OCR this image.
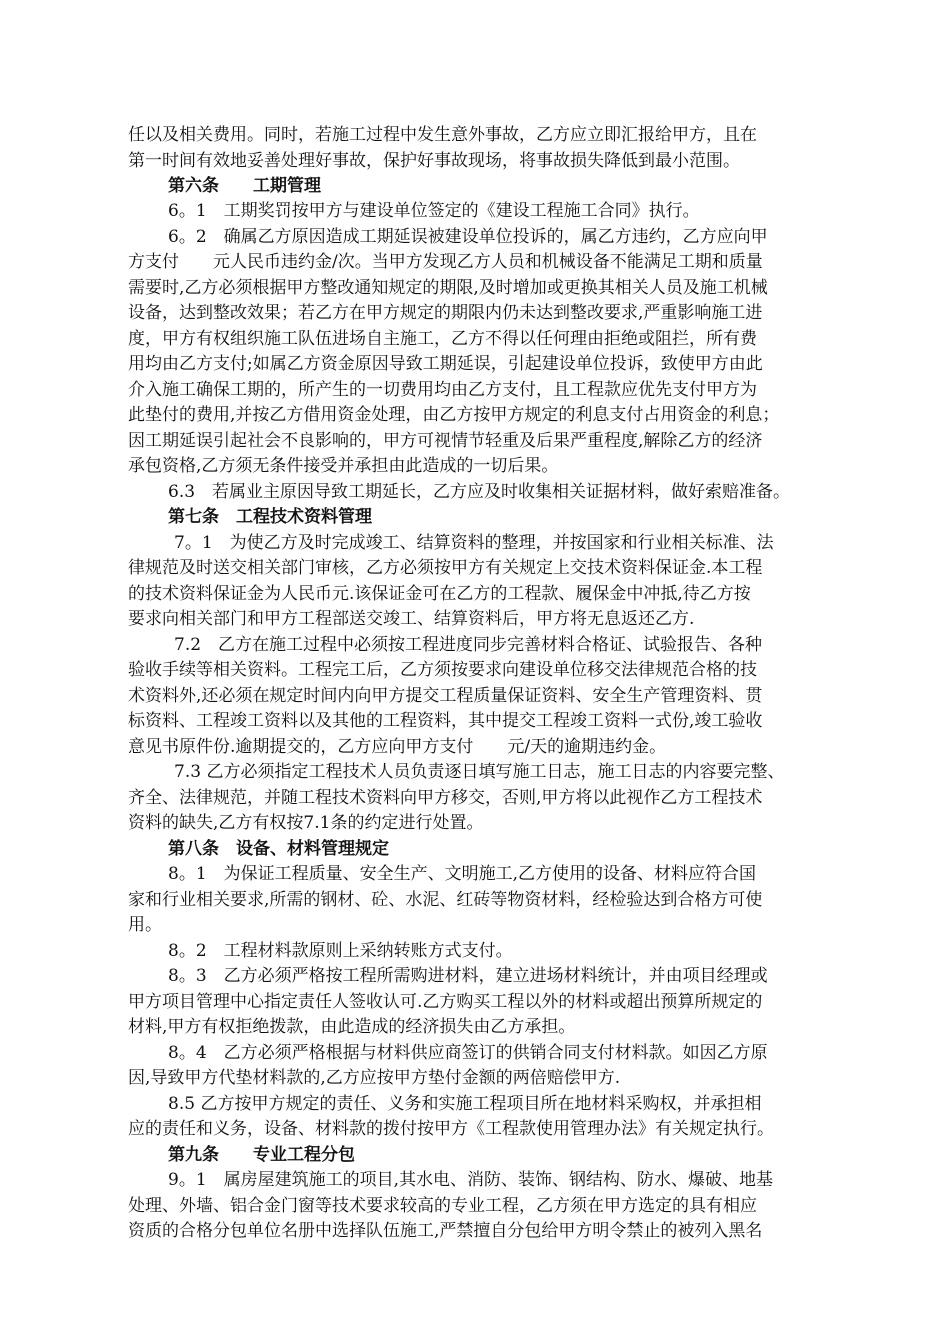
任以及相关费用。同时，若施工过程中发生意外事故，乙方应立即汇报给甲方，且在
第一时间有效地妥善处理好事故，保护好事故现场，将事故损失降低到最小范围。
第六条　　工期管理
6。1　工期奖罚按甲方与建设单位签定的《建设工程施工合同》执行。
6。2　确属乙方原因造成工期延误被建设单位投诉的，属乙方违约，乙方应向甲
方支付　　元人民币违约金/次。当甲方发现乙方人员和机械设备不能满足工期和质量
需要时,乙方必须根据甲方整改通知规定的期限,及时增加或更换其相关人员及施工机械
设备，达到整改效果；若乙方在甲方规定的期限内仍未达到整改要求,严重影响施工进
度，甲方有权组织施工队伍进场自主施工，乙方不得以任何理由拒绝或阻拦，所有费
用均由乙方支付;如属乙方资金原因导致工期延误，引起建设单位投诉，致使甲方由此
介入施工确保工期的，所产生的一切费用均由乙方支付，且工程款应优先支付甲方为
此垫付的费用,并按乙方借用资金处理，由乙方按甲方规定的利息支付占用资金的利息；
因工期延误引起社会不良影响的，甲方可视情节轻重及后果严重程度,解除乙方的经济
承包资格,乙方须无条件接受并承担由此造成的一切后果。
6.3　若属业主原因导致工期延长，乙方应及时收集相关证据材料，做好索赔准备。
第七条　工程技术资料管理
7。1　为使乙方及时完成竣工、结算资料的整理，并按国家和行业相关标准、法
律规范及时送交相关部门审核，乙方必须按甲方有关规定上交技术资料保证金.本工程
的技术资料保证金为人民币元.该保证金可在乙方的工程款、履保金中冲抵,待乙方按
要求向相关部门和甲方工程部送交竣工、结算资料后，甲方将无息返还乙方.
7.2　乙方在施工过程中必须按工程进度同步完善材料合格证、试验报告、各种
验收手续等相关资料。工程完工后，乙方须按要求向建设单位移交法律规范合格的技
术资料外,还必须在规定时间内向甲方提交工程质量保证资料、安全生产管理资料、贯
标资料、工程竣工资料以及其他的工程资料，其中提交工程竣工资料一式份,竣工验收
意见书原件份.逾期提交的，乙方应向甲方支付　　元/天的逾期违约金。
7.3 乙方必须指定工程技术人员负责逐日填写施工日志，施工日志的内容要完整、
齐全、法律规范，并随工程技术资料向甲方移交，否则,甲方将以此视作乙方工程技术
资料的缺失,乙方有权按7.1条的约定进行处置。
第八条　设备、材料管理规定
8。1　为保证工程质量、安全生产、文明施工,乙方使用的设备、材料应符合国
家和行业相关要求,所需的钢材、砼、水泥、红砖等物资材料，经检验达到合格方可使
用。
8。2　工程材料款原则上采纳转账方式支付。
8。3　乙方必须严格按工程所需购进材料，建立进场材料统计，并由项目经理或
甲方项目管理中心指定责任人签收认可.乙方购买工程以外的材料或超出预算所规定的
材料,甲方有权拒绝拨款，由此造成的经济损失由乙方承担。
8。4　乙方必须严格根据与材料供应商签订的供销合同支付材料款。如因乙方原
因,导致甲方代垫材料款的,乙方应按甲方垫付金额的两倍赔偿甲方.
8.5 乙方按甲方规定的责任、义务和实施工程项目所在地材料采购权，并承担相
应的责任和义务，设备、材料款的拨付按甲方《工程款使用管理办法》有关规定执行。
第九条　　专业工程分包
9。1　属房屋建筑施工的项目,其水电、消防、装饰、钢结构、防水、爆破、地基
处理、外墙、铝合金门窗等技术要求较高的专业工程，乙方须在甲方选定的具有相应
资质的合格分包单位名册中选择队伍施工,严禁擅自分包给甲方明令禁止的被列入黑名
